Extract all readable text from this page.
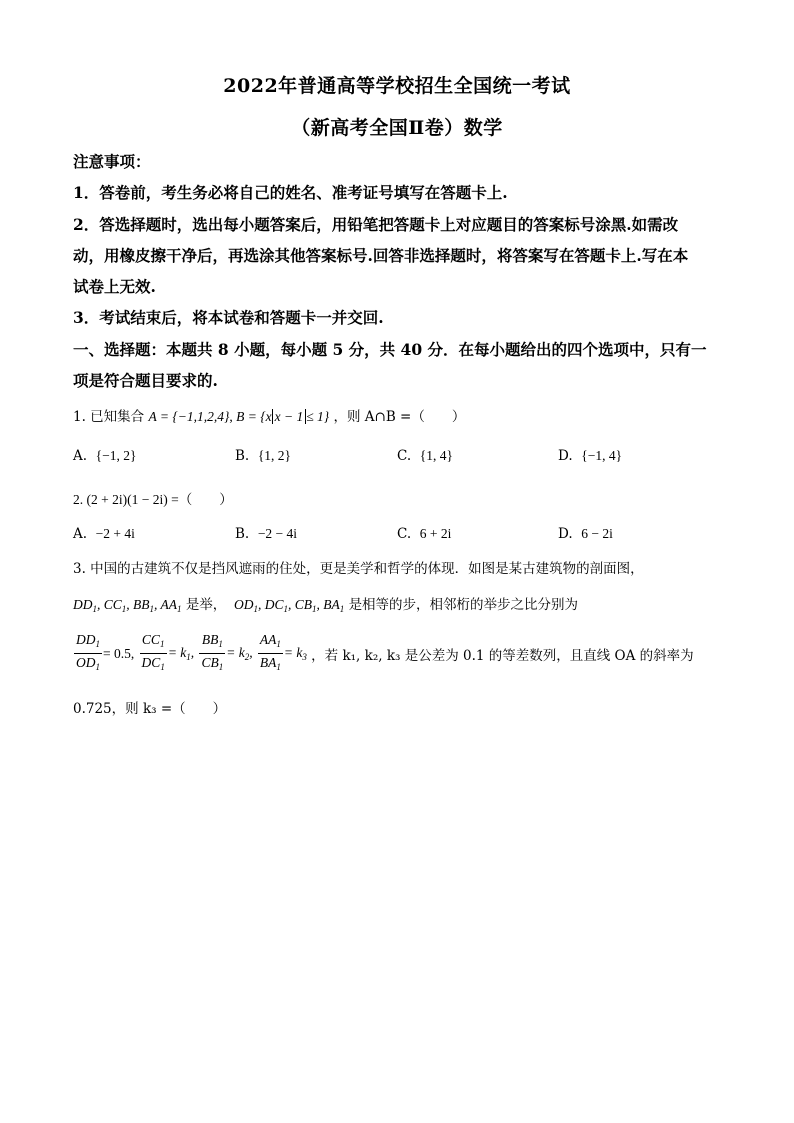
2022年普通高等学校招生全国统一考试
（新高考全国Ⅱ卷）数学
注意事项：
1．答卷前，考生务必将自己的姓名、准考证号填写在答题卡上.
2．答选择题时，选出每小题答案后，用铅笔把答题卡上对应题目的答案标号涂黑.如需改
动，用橡皮擦干净后，再选涂其他答案标号.回答非选择题时，将答案写在答题卡上.写在本
试卷上无效.
3．考试结束后，将本试卷和答题卡一并交回.
一、选择题：本题共 8 小题，每小题 5 分，共 40 分．在每小题给出的四个选项中，只有一
项是符合题目要求的.
1. 已知集合 A = {−1,1,2,4}, B = {x x − 1 ≤ 1} ，则 A∩B =（　　）
A. {−1, 2}	B. {1, 2}	C. {1, 4}	D. {−1, 4}
2. (2 + 2i)(1 − 2i) =（　　）
A. −2 + 4i	B. −2 − 4i	C. 6 + 2i	D. 6 − 2i
3. 中国的古建筑不仅是挡风遮雨的住处，更是美学和哲学的体现．如图是某古建筑物的剖面图，
$DD_1$, $CC_1$, $BB_1$, $AA_1$ 是举，  $OD_1$, $DC_1$, $CB_1$, $BA_1$ 是相等的步，相邻桁的举步之比分别为
$\frac{DD_1}{OD_1} = 0.5$, $\frac{CC_1}{DC_1} = k_1$, $\frac{BB_1}{CB_1} = k_2$, $\frac{AA_1}{BA_1} = k_3$ ，若 k₁, k₂, k₃ 是公差为 0.1 的等差数列，且直线 OA 的斜率为
0.725，则 k₃ =（　　）
